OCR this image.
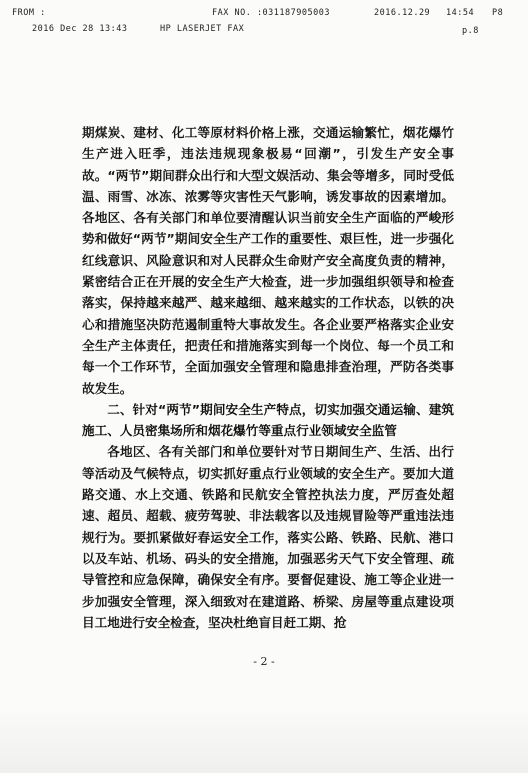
FROM :	FAX NO. :031187905003	2016.12.29 14:54 P8
2016 Dec 28 13:43	HP LASERJET FAX	p.8

期煤炭、建材、化工等原材料价格上涨，交通运输繁忙，烟花爆竹生产进入旺季，违法违规现象极易“回潮”，引发生产安全事故。“两节”期间群众出行和大型文娱活动、集会等增多，同时受低温、雨雪、冰冻、浓雾等灾害性天气影响，诱发事故的因素增加。各地区、各有关部门和单位要清醒认识当前安全生产面临的严峻形势和做好“两节”期间安全生产工作的重要性、艰巨性，进一步强化红线意识、风险意识和对人民群众生命财产安全高度负责的精神，紧密结合正在开展的安全生产大检查，进一步加强组织领导和检查落实，保持越来越严、越来越细、越来越实的工作状态，以铁的决心和措施坚决防范遏制重特大事故发生。各企业要严格落实企业安全生产主体责任，把责任和措施落实到每一个岗位、每一个员工和每一个工作环节，全面加强安全管理和隐患排查治理，严防各类事故发生。

二、针对“两节”期间安全生产特点，切实加强交通运输、建筑施工、人员密集场所和烟花爆竹等重点行业领域安全监管

各地区、各有关部门和单位要针对节日期间生产、生活、出行等活动及气候特点，切实抓好重点行业领域的安全生产。要加大道路交通、水上交通、铁路和民航安全管控执法力度，严厉查处超速、超员、超载、疲劳驾驶、非法载客以及违规冒险等严重违法违规行为。要抓紧做好春运安全工作，落实公路、铁路、民航、港口以及车站、机场、码头的安全措施，加强恶劣天气下安全管理、疏导管控和应急保障，确保安全有序。要督促建设、施工等企业进一步加强安全管理，深入细致对在建道路、桥梁、房屋等重点建设项目工地进行安全检查，坚决杜绝盲目赶工期、抢

- 2 -
